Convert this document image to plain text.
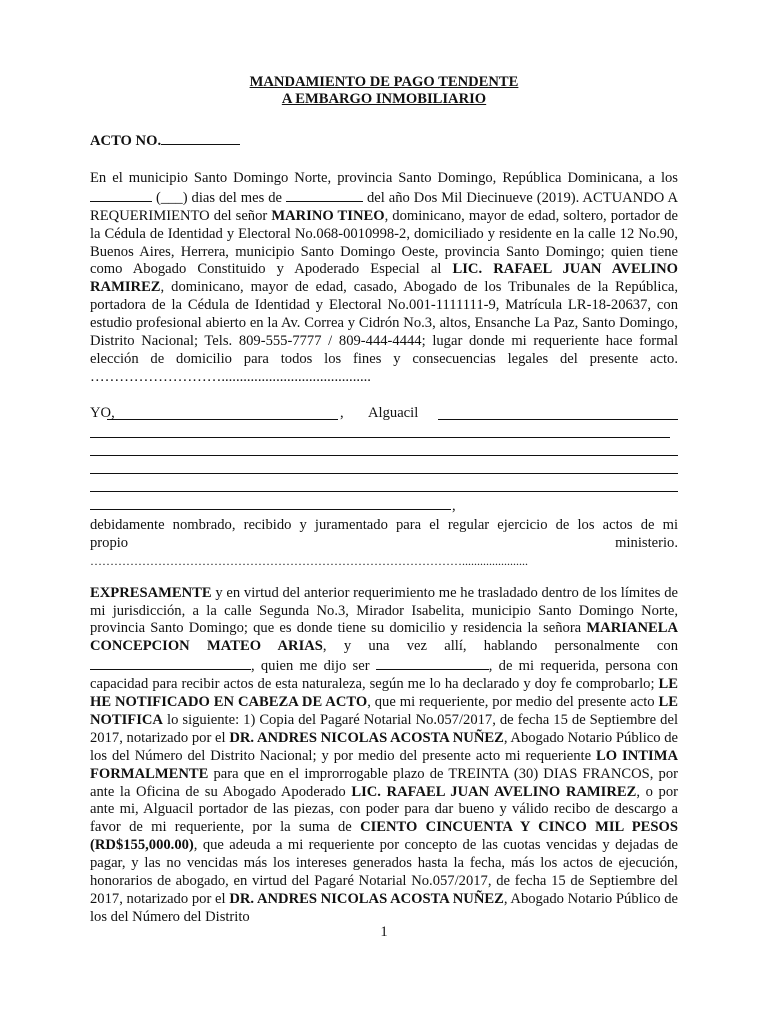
MANDAMIENTO DE PAGO TENDENTE
A EMBARGO INMOBILIARIO
ACTO NO.
En el municipio Santo Domingo Norte, provincia Santo Domingo, República Dominicana, a los  (___) dias del mes de	del año Dos Mil Diecinueve (2019). ACTUANDO A REQUERIMIENTO del señor MARINO TINEO, dominicano, mayor de edad, soltero, portador de la Cédula de Identidad y Electoral No.068-0010998-2, domiciliado y residente en la calle 12 No.90, Buenos Aires, Herrera, municipio Santo Domingo Oeste, provincia Santo Domingo; quien tiene como Abogado Constituido y Apoderado Especial al LIC. RAFAEL JUAN AVELINO RAMIREZ, dominicano, mayor de edad, casado, Abogado de los Tribunales de la República, portadora de la Cédula de Identidad y Electoral No.001-1111111-9, Matrícula LR-18-20637, con estudio profesional abierto en la Av. Correa y Cidrón No.3, altos, Ensanche La Paz, Santo Domingo, Distrito Nacional; Tels. 809-555-7777 / 809-444-4444; lugar donde mi requeriente hace formal elección de domicilio para todos los fines y consecuencias legales del presente acto. ……………………….........................................
YO,	, Alguacil
,
debidamente nombrado, recibido y juramentado para el regular ejercicio de los actos de mi
propio	ministerio.
…………………………………………………………………………………......................
EXPRESAMENTE y en virtud del anterior requerimiento me he trasladado dentro de los límites de mi jurisdicción, a la calle Segunda No.3, Mirador Isabelita, municipio Santo Domingo Norte, provincia Santo Domingo; que es donde tiene su domicilio y residencia la señora MARIANELA CONCEPCION MATEO ARIAS, y una vez allí, hablando personalmente con , quien me dijo ser	, de mi requerida, persona con capacidad para recibir actos de esta naturaleza, según me lo ha declarado y doy fe comprobarlo; LE HE NOTIFICADO EN CABEZA DE ACTO, que mi requeriente, por medio del presente acto LE NOTIFICA lo siguiente: 1) Copia del Pagaré Notarial No.057/2017, de fecha 15 de Septiembre del 2017, notarizado por el DR. ANDRES NICOLAS ACOSTA NUÑEZ, Abogado Notario Público de los del Número del Distrito Nacional; y por medio del presente acto mi requeriente LO INTIMA FORMALMENTE para que en el improrrogable plazo de TREINTA (30) DIAS FRANCOS, por ante la Oficina de su Abogado Apoderado LIC. RAFAEL JUAN AVELINO RAMIREZ, o por ante mi, Alguacil portador de las piezas, con poder para dar bueno y válido recibo de descargo a favor de mi requeriente, por la suma de CIENTO CINCUENTA Y CINCO MIL PESOS (RD$155,000.00), que adeuda a mi requeriente por concepto de las cuotas vencidas y dejadas de pagar, y las no vencidas más los intereses generados hasta la fecha, más los actos de ejecución, honorarios de abogado, en virtud del Pagaré Notarial No.057/2017, de fecha 15 de Septiembre del 2017, notarizado por el DR. ANDRES NICOLAS ACOSTA NUÑEZ, Abogado Notario Público de los del Número del Distrito
1
